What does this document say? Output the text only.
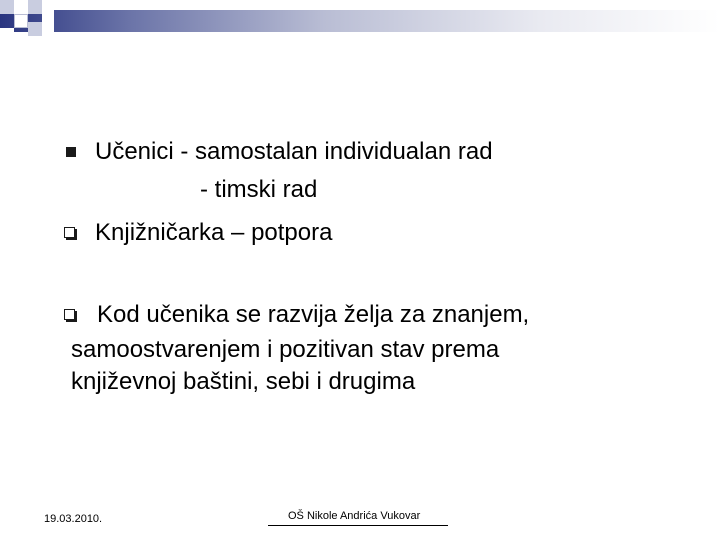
Učenici - samostalan individualan rad
- timski rad
Knjižničarka – potpora
Kod učenika se razvija želja za znanjem,
samoostvarenjem i pozitivan stav prema
književnoj baštini, sebi i drugima
19.03.2010.	OŠ Nikole Andrića Vukovar
